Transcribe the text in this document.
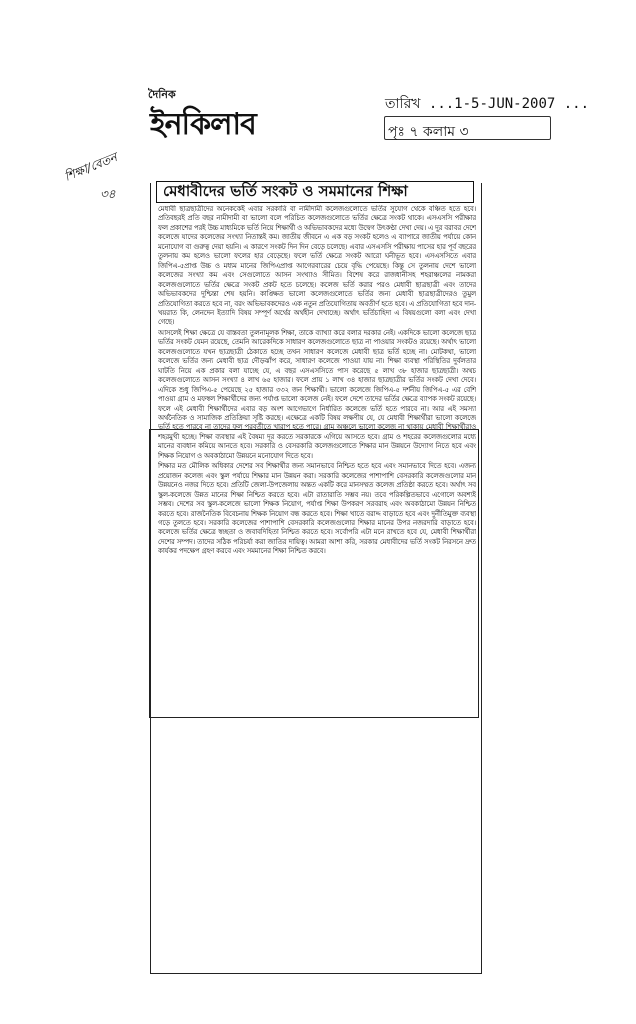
দৈনিক
ইনকিলাব
তারিখ ...1-5-JUN-2007 ...
পৃঃ ৭ কলাম ৩
শিক্ষা/বেতন
৩৪	মেধাবীদের ভর্তি সংকট ও সমমানের শিক্ষা

মেধাবী ছাত্রছাত্রীদের অনেককেই এবার সরকারি বা নামীদামী কলেজগুলোতে ভর্তির সুযোগ থেকে বঞ্চিত হতে হবে। প্রতিবছরই প্রতি বছর নামীদামী বা ভালো বলে পরিচিত কলেজগুলোতে ভর্তির ক্ষেত্রে সংকট থাকে। এসএসসি পরীক্ষার ফল প্রকাশের পরই উচ্চ মাধ্যমিকে ভর্তি নিয়ে শিক্ষার্থী ও অভিভাবকদের মধ্যে উদ্বেগ উৎকণ্ঠা দেখা দেয়। এ দুর বরাবর দেশে কলেজে যাদের কলেজের সংখ্যা নিতান্তই কম। জাতীয় জীবনে এ এক বড় সংকট হলেও এ ব্যাপারে জাতীয় পর্যায়ে কোন মনোযোগ বা গুরুত্ব দেয়া হয়নি। এ কারণে সংকট দিন দিন বেড়ে চলেছে। এবার এসএসসি পরীক্ষায় পাসের হার পূর্ব বছরের তুলনায় কম হলেও ভালো ফলের হার বেড়েছে। ফলে ভর্তি ক্ষেত্রে সংকট আরো ঘনীভূত হবে। এসএসসিতে এবার জিপিএ-৫প্রাপ্ত উচ্চ ও মধ্যম মানের জিপিএপ্রাপ্ত আগেরবারের চেয়ে বৃদ্ধি পেয়েছে। কিন্তু সে তুলনায় দেশে ভালো কলেজের সংখ্যা কম এবং সেগুলোতে আসন সংখ্যাও সীমিত। বিশেষ করে রাজধানীসহ শহরাঞ্চলের নামকরা কলেজগুলোতে ভর্তির ক্ষেত্রে সংকট প্রকট হতে চলেছে। কলেজ ভর্তি করার পরও মেধাবী ছাত্রছাত্রী এবং তাদের অভিভাবকদের দুশ্চিন্তা শেষ হয়নি। কাঙ্ক্ষিত ভালো কলেজগুলোতে ভর্তির জন্য মেধাবী ছাত্রছাত্রীদেরও তুমুল প্রতিযোগিতা করতে হবে না, বরং অভিভাবকদেরও এক নতুন প্রতিযোগিতায় অবতীর্ণ হতে হবে। এ প্রতিযোগিতা হবে দান-খয়রাত কি, লেনদেন ইত্যাদি বিষয় সম্পূর্ণ অর্থের অর্থহীন দেখাচ্ছে। অর্থাৎ ভর্তিচাহিদা এ বিষয়গুলো বলা এবং দেখা গেছে।

আসলেই শিক্ষা ক্ষেত্রে যে বাস্তবতা তুলনামূলক শিক্ষা, তাকে ব্যাখ্যা করে বলার দরকার নেই। একদিকে ভালো কলেজে ছাত্র ভর্তির সংকট যেমন রয়েছে, তেমনি আরেকদিকে সাধারণ কলেজগুলোতে ছাত্র না পাওয়ার সংকটও রয়েছে। অর্থাৎ ভালো কলেজগুলোতে যখন ছাত্রছাত্রী ঠেকাতে হচ্ছে তখন সাধারণ কলেজে মেধাবী ছাত্র ভর্তি হচ্ছে না। মোটকথা, ভালো কলেজে ভর্তির জন্য মেধাবী ছাত্র দৌড়ঝাঁপ করে, সাধারণ কলেজে পাওয়া যায় না। শিক্ষা ব্যবস্থা পরিস্থিতির দুর্বলতার ঘাটতি নিয়ে এক প্রকার বলা যাচ্ছে যে, এ বছর এসএসসিতে পাস করেছে ৫ লাখ ৩৮ হাজার ছাত্রছাত্রী। অথচ কলেজগুলোতে আসন সংখ্যা ৪ লাখ ৬৫ হাজার। ফলে প্রায় ১ লাখ ৩৪ হাজার ছাত্রছাত্রীর ভর্তির সংকট দেখা দেবে। এদিকে শুধু জিপিএ-৫ পেয়েছে ২৫ হাজার ৩৩২ জন শিক্ষার্থী। ভালো কলেজে জিপিএ-৫ দর্শনীয় জিপিএ-৫ এর বেশি পাওয়া গ্রাম ও মফস্বল শিক্ষার্থীদের জন্য পর্যাপ্ত ভালো কলেজ নেই। ফলে দেশে তাদের ভর্তির ক্ষেত্রে ব্যাপক সংকট রয়েছে। ফলে এই মেধাবী শিক্ষার্থীদের এবার বড় অংশ আগেভাগে নির্ধারিত কলেজে ভর্তি হতে পারবে না। আর এই সমস্যা অর্থনৈতিক ও সামাজিক প্রতিক্রিয়া সৃষ্টি করছে। এক্ষেত্রে একটি বিষয় লক্ষণীয় যে, যে মেধাবী শিক্ষার্থীরা ভালো কলেজে ভর্তি হতে পারবে না তাদের ফল পরবর্তীতে খারাপ হতে পারে। গ্রাম অঞ্চলে ভালো কলেজ না থাকায় মেধাবী শিক্ষার্থীরাও শহরমুখী হচ্ছে। শিক্ষা ব্যবস্থার এই বৈষম্য দূর করতে সরকারকে এগিয়ে আসতে হবে। গ্রাম ও শহরের কলেজগুলোর মধ্যে মানের ব্যবধান কমিয়ে আনতে হবে। সরকারি ও বেসরকারি কলেজগুলোতে শিক্ষার মান উন্নয়নে উদ্যোগ নিতে হবে এবং শিক্ষক নিয়োগ ও অবকাঠামো উন্নয়নে মনোযোগ দিতে হবে।

শিক্ষার মত মৌলিক অধিকার দেশের সব শিক্ষার্থীর জন্য সমানভাবে নিশ্চিত হতে হবে এবং সমানভাবে দিতে হবে। এজন্য প্রয়োজন কলেজ এবং স্কুল পর্যায়ে শিক্ষার মান উন্নয়ন করা। সরকারি কলেজের পাশাপাশি বেসরকারি কলেজগুলোর মান উন্নয়নেও নজর দিতে হবে। প্রতিটি জেলা-উপজেলায় অন্তত একটি করে মানসম্মত কলেজ প্রতিষ্ঠা করতে হবে। অর্থাৎ সব স্কুল-কলেজে উন্নত মানের শিক্ষা নিশ্চিত করতে হবে। এটা রাতারাতি সম্ভব নয়। তবে পরিকল্পিতভাবে এগোলে অবশ্যই সম্ভব। দেশের সব স্কুল-কলেজে ভালো শিক্ষক নিয়োগ, পর্যাপ্ত শিক্ষা উপকরণ সরবরাহ এবং অবকাঠামো উন্নয়ন নিশ্চিত করতে হবে। রাজনৈতিক বিবেচনায় শিক্ষক নিয়োগ বন্ধ করতে হবে। শিক্ষা খাতে বরাদ্দ বাড়াতে হবে এবং দুর্নীতিমুক্ত ব্যবস্থা গড়ে তুলতে হবে। সরকারি কলেজের পাশাপাশি বেসরকারি কলেজগুলোর শিক্ষার মানের উপর নজরদারি বাড়াতে হবে। কলেজে ভর্তির ক্ষেত্রে স্বচ্ছতা ও জবাবদিহিতা নিশ্চিত করতে হবে। সর্বোপরি এটা মনে রাখতে হবে যে, মেধাবী শিক্ষার্থীরা দেশের সম্পদ। তাদের সঠিক পরিচর্যা করা জাতির দায়িত্ব। আমরা আশা করি, সরকার মেধাবীদের ভর্তি সংকট নিরসনে দ্রুত কার্যকর পদক্ষেপ গ্রহণ করবে এবং সমমানের শিক্ষা নিশ্চিত করবে।
